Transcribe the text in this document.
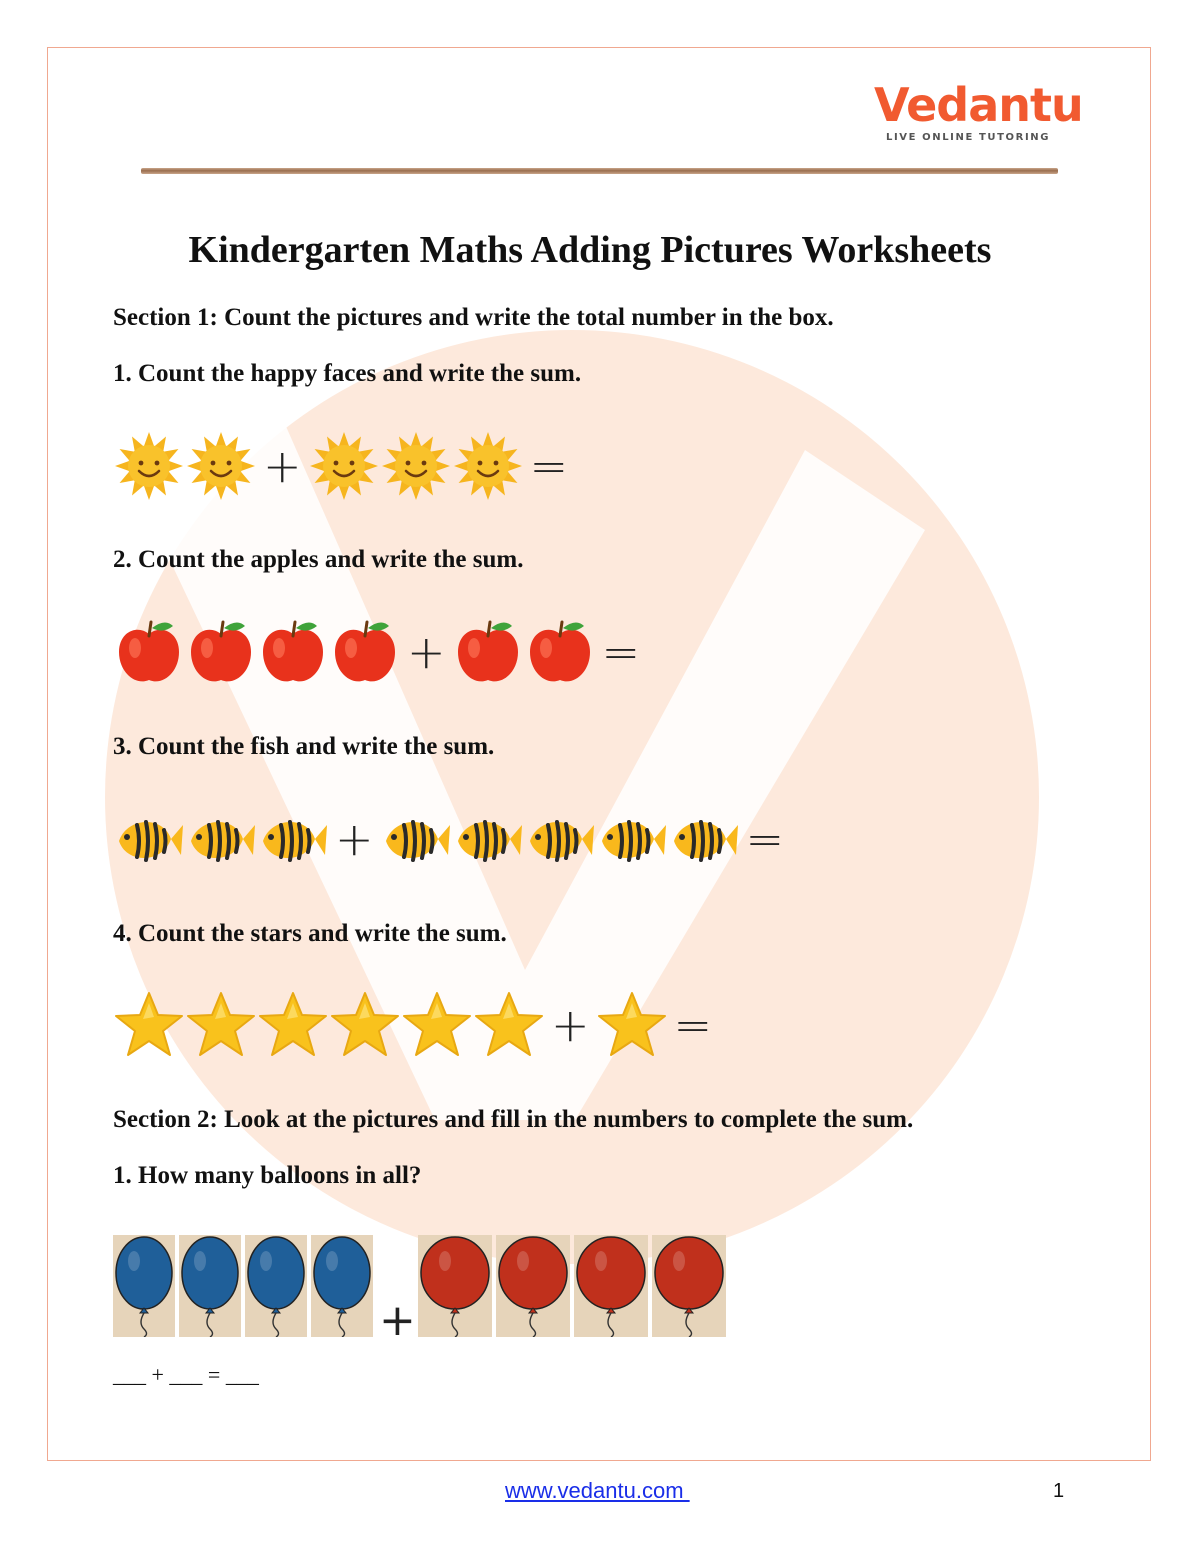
Vedantu
LIVE ONLINE TUTORING
Kindergarten Maths Adding Pictures Worksheets
Section 1: Count the pictures and write the total number in the box.
1. Count the happy faces and write the sum.
+	=
2. Count the apples and write the sum.
+	=
3. Count the fish and write the sum.
+	=
4. Count the stars and write the sum.
+ =
Section 2: Look at the pictures and fill in the numbers to complete the sum.
1. How many balloons in all?
+
___ + ___ = ___
www.vedantu.com	1
